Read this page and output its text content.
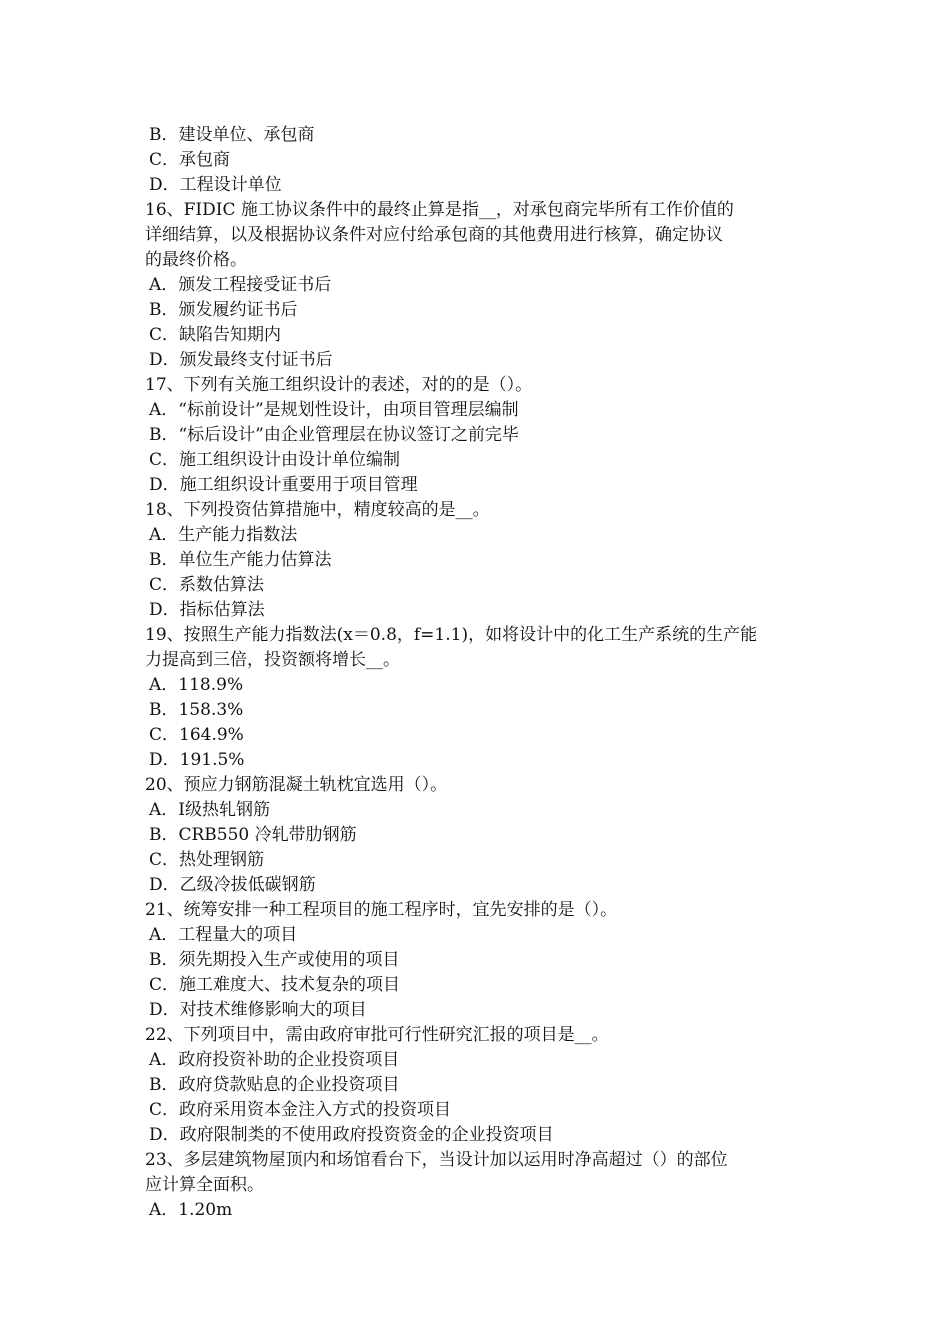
B．建设单位、承包商
C．承包商
D．工程设计单位
16、FIDIC 施工协议条件中的最终止算是指__，对承包商完毕所有工作价值的
详细结算，以及根据协议条件对应付给承包商的其他费用进行核算，确定协议
的最终价格。
A．颁发工程接受证书后
B．颁发履约证书后
C．缺陷告知期内
D．颁发最终支付证书后
17、下列有关施工组织设计的表述，对的的是（）。
A．“标前设计”是规划性设计，由项目管理层编制
B．“标后设计”由企业管理层在协议签订之前完毕
C．施工组织设计由设计单位编制
D．施工组织设计重要用于项目管理
18、下列投资估算措施中，精度较高的是__。
A．生产能力指数法
B．单位生产能力估算法
C．系数估算法
D．指标估算法
19、按照生产能力指数法(x＝0.8，f=1.1)，如将设计中的化工生产系统的生产能
力提高到三倍，投资额将增长__。
A．118.9%
B．158.3%
C．164.9%
D．191.5%
20、预应力钢筋混凝土轨枕宜选用（）。
A．Ⅰ级热轧钢筋
B．CRB550 冷轧带肋钢筋
C．热处理钢筋
D．乙级冷拔低碳钢筋
21、统筹安排一种工程项目的施工程序时，宜先安排的是（）。
A．工程量大的项目
B．须先期投入生产或使用的项目
C．施工难度大、技术复杂的项目
D．对技术维修影响大的项目
22、下列项目中，需由政府审批可行性研究汇报的项目是__。
A．政府投资补助的企业投资项目
B．政府贷款贴息的企业投资项目
C．政府采用资本金注入方式的投资项目
D．政府限制类的不使用政府投资资金的企业投资项目
23、多层建筑物屋顶内和场馆看台下，当设计加以运用时净高超过（）的部位
应计算全面积。
A．1.20m
